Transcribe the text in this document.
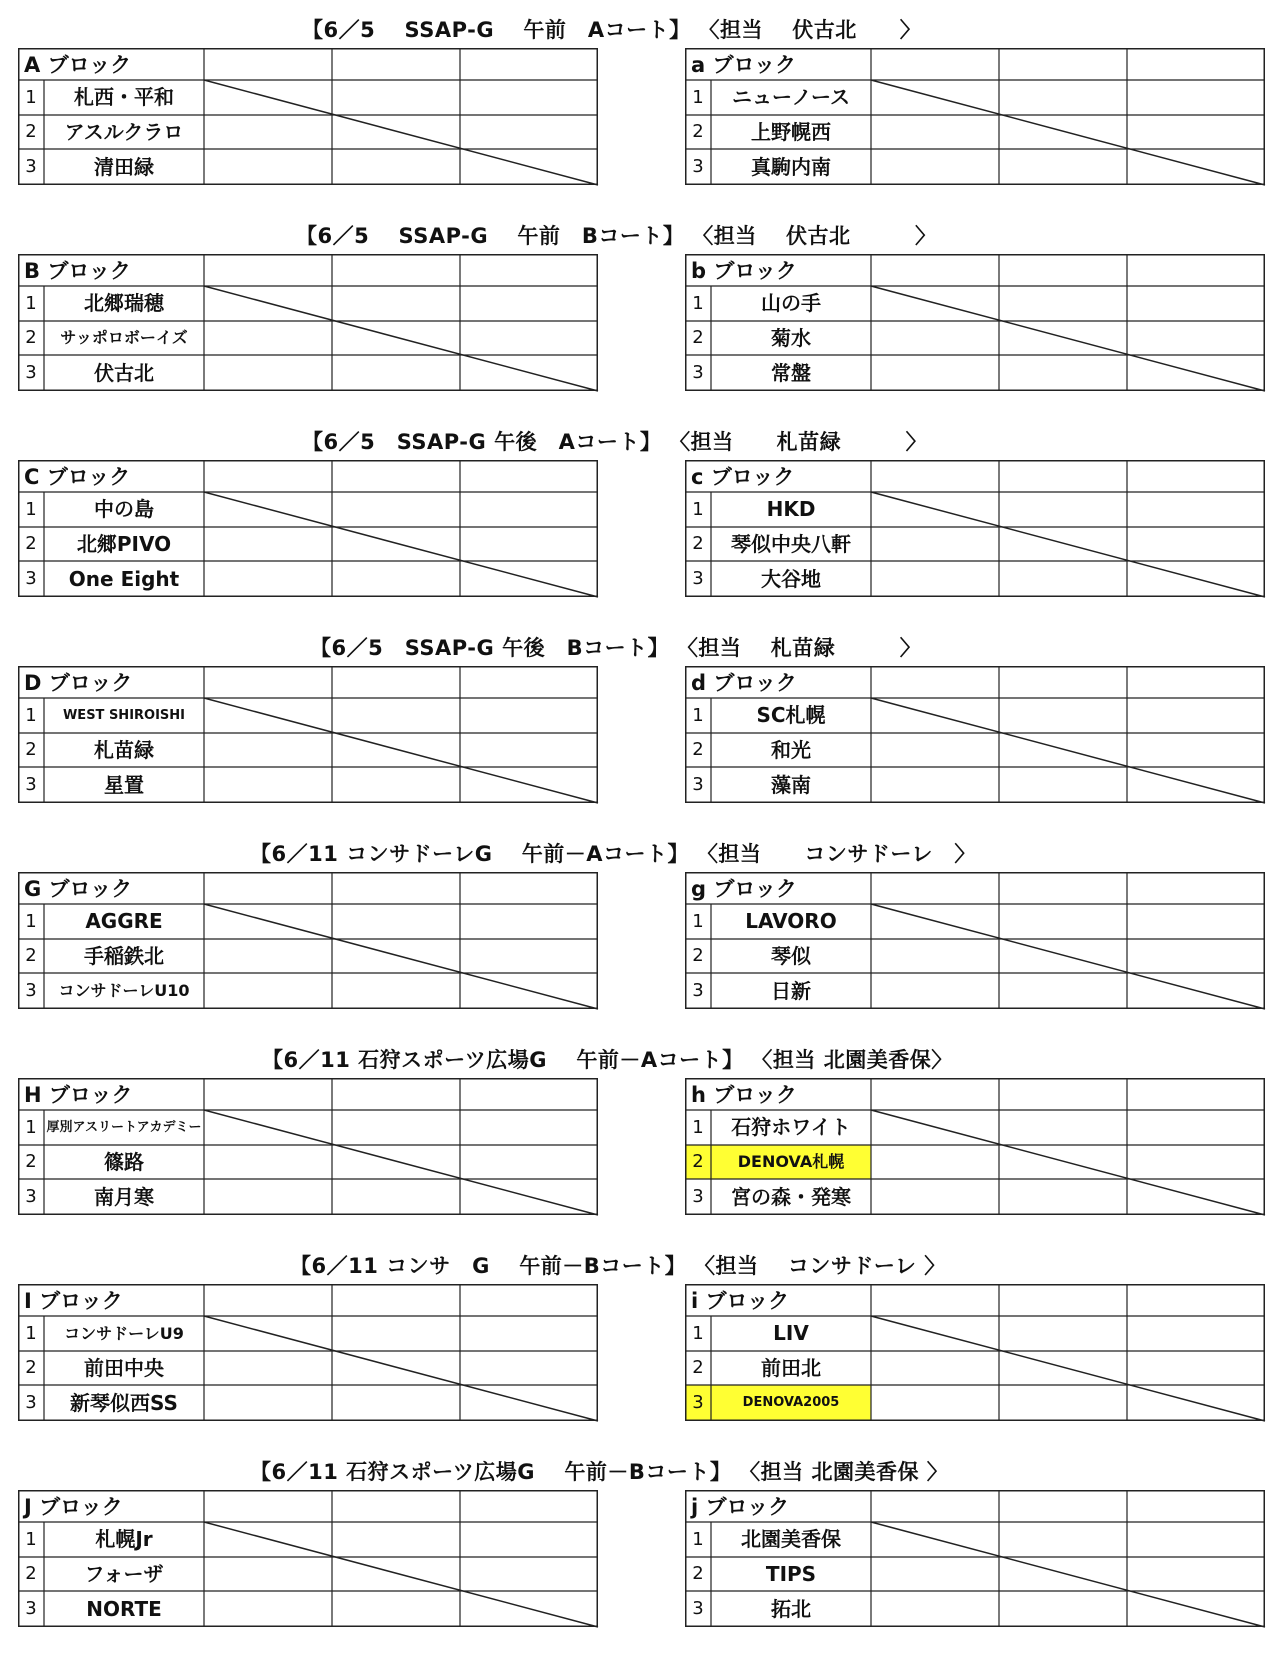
【6／5　 SSAP-G　 午前　Aコート】 〈担当　 伏古北　　〉
A ブロック
1	札西・平和
2	アスルクラロ
3	清田緑
a ブロック
1	ニューノース
2	上野幌西
3	真駒内南
【6／5　 SSAP-G　 午前　Bコート】 〈担当　 伏古北　　　〉
B ブロック
1	北郷瑞穂
2	サッポロボーイズ
3	伏古北
b ブロック
1	山の手
2	菊水
3	常盤
【6／5　SSAP-G 午後　Aコート】 〈担当　　札苗緑　　　〉
C ブロック
1	中の島
2	北郷PIVO
3	One Eight
c ブロック
1	HKD
2	琴似中央八軒
3	大谷地
【6／5　SSAP-G 午後　Bコート】 〈担当　 札苗緑　　　〉
D ブロック
1	WEST SHIROISHI
2	札苗緑
3	星置
d ブロック
1	SC札幌
2	和光
3	藻南
【6／11 コンサドーレG　 午前－Aコート】 〈担当　　コンサドーレ　〉
G ブロック
1	AGGRE
2	手稲鉄北
3	コンサドーレU10
g ブロック
1	LAVORO
2	琴似
3	日新
【6／11 石狩スポーツ広場G　 午前－Aコート】 〈担当 北園美香保〉
H ブロック
1 厚別アスリートアカデミー
2	篠路
3	南月寒
h ブロック
1	石狩ホワイト
2	DENOVA札幌
3	宮の森・発寒
【6／11 コンサ　G　 午前－Bコート】 〈担当　 コンサドーレ 〉
I ブロック
1	コンサドーレU9
2	前田中央
3	新琴似西SS
i ブロック
1	LIV
2	前田北
3	DENOVA2005
【6／11 石狩スポーツ広場G　 午前－Bコート】 〈担当 北園美香保 〉
J ブロック
1	札幌Jr
2	フォーザ
3	NORTE
j ブロック
1	北園美香保
2	TIPS
3	拓北
